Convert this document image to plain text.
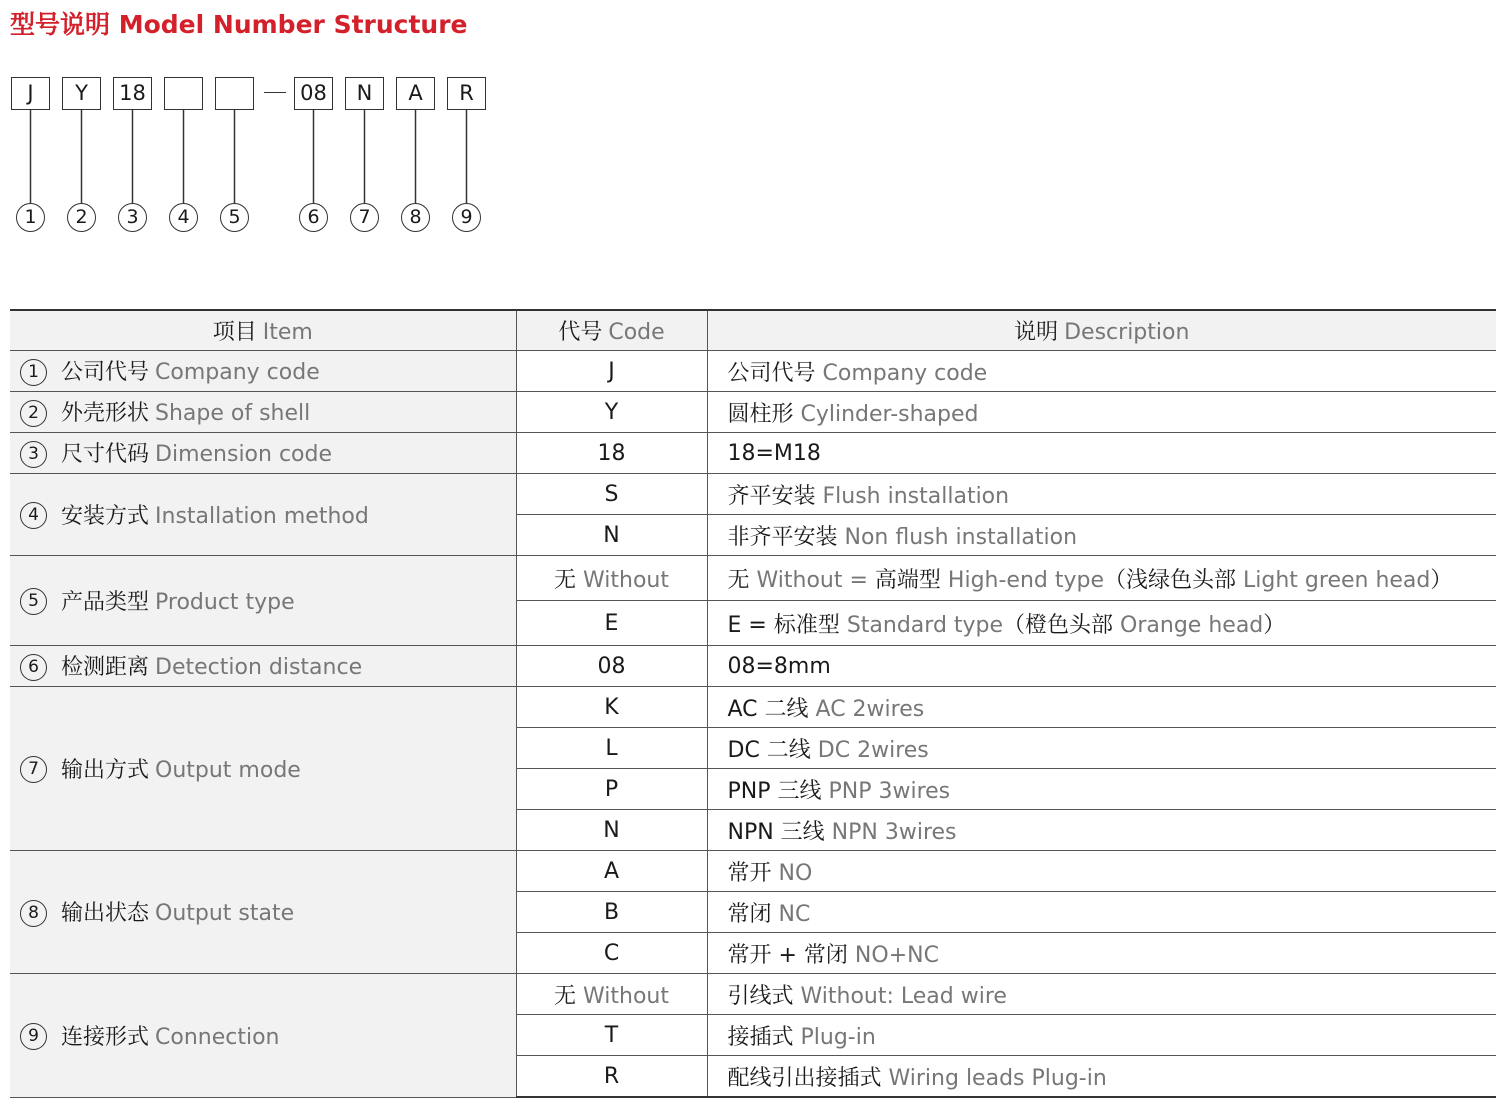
型号说明 Model Number Structure
J	Y	18	08	N	A	R
1	2	3	4	5	6	7	8	9
项目 Item	代号 Code	说明 Description
1 公司代号 Company code	J	公司代号 Company code
2 外壳形状 Shape of shell	Y	圆柱形 Cylinder-shaped
3 尺寸代码 Dimension code	18	18=M18
4 安装方式 Installation method	S	齐平安装 Flush installation
	N	非齐平安装 Non flush installation
5 产品类型 Product type	无 Without	无 Without = 高端型 High-end type（浅绿色头部 Light green head）
	E	E = 标准型 Standard type（橙色头部 Orange head）
6 检测距离 Detection distance	08	08=8mm
7 输出方式 Output mode	K	AC 二线 AC 2wires
	L	DC 二线 DC 2wires
	P	PNP 三线 PNP 3wires
	N	NPN 三线 NPN 3wires
8 输出状态 Output state	A	常开 NO
	B	常闭 NC
	C	常开 + 常闭 NO+NC
9 连接形式 Connection	无 Without	引线式 Without: Lead wire
	T	接插式 Plug-in
	R	配线引出接插式 Wiring leads Plug-in
